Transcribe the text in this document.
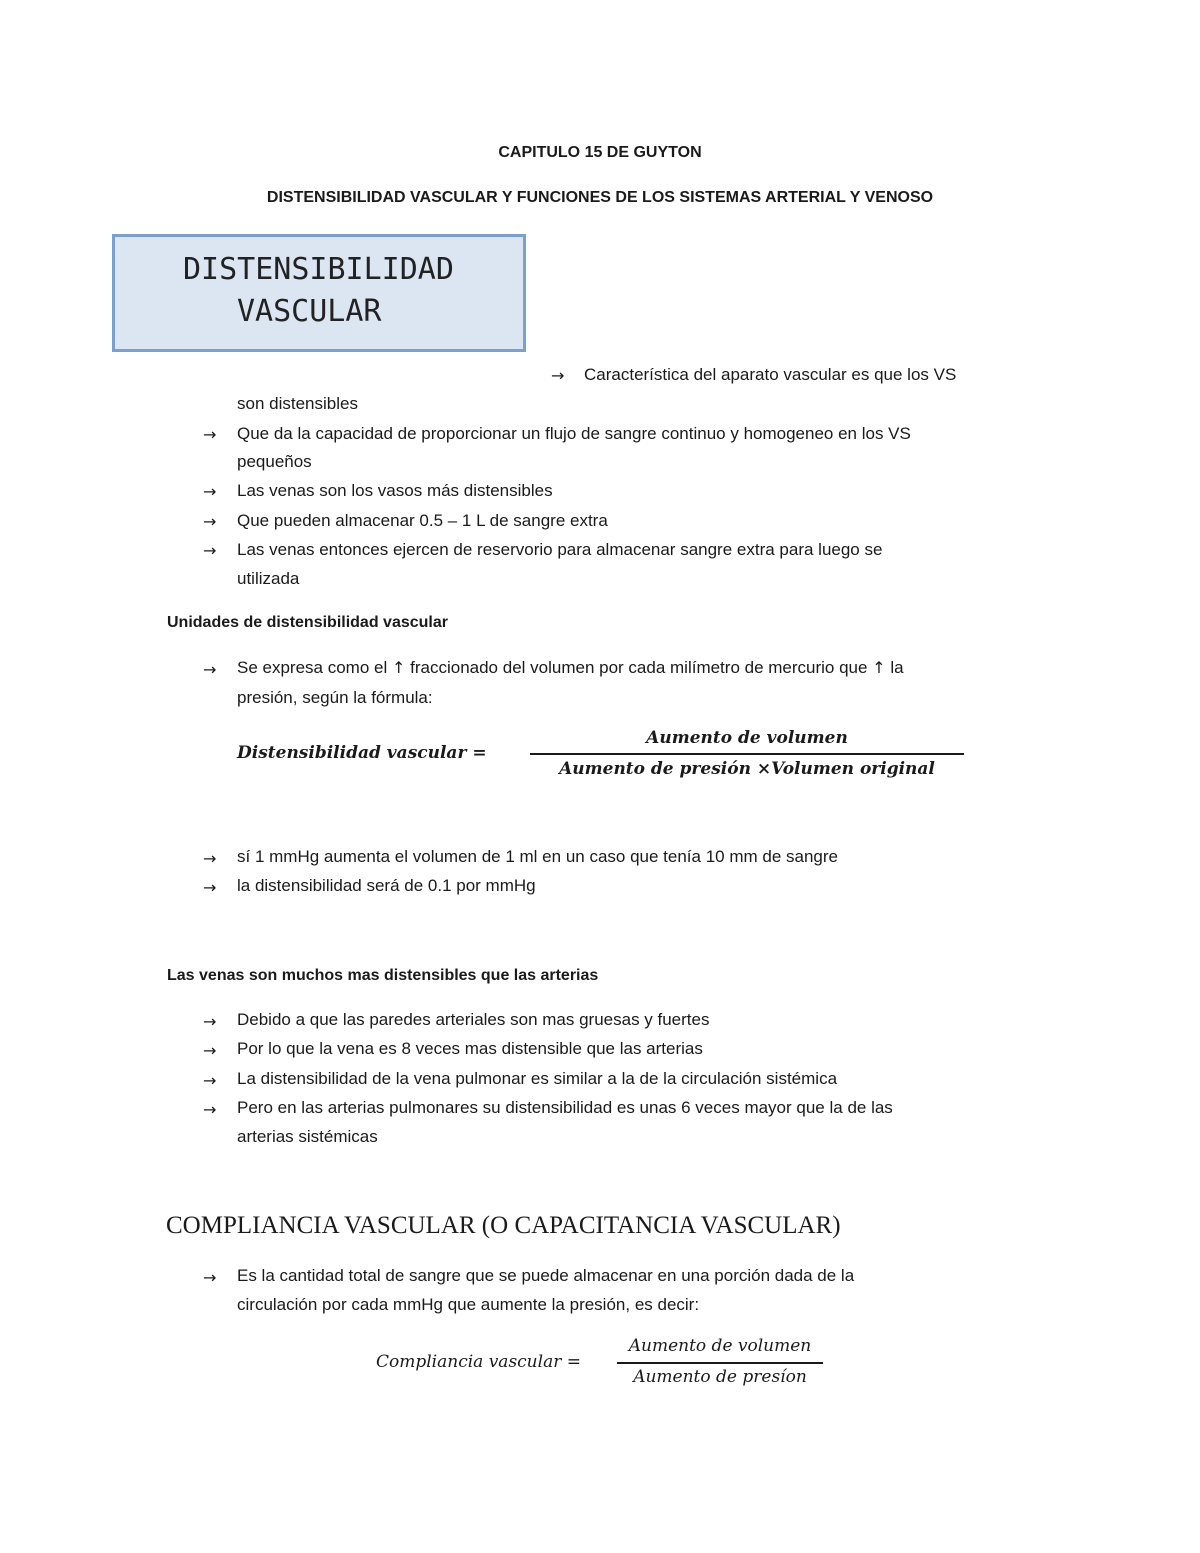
CAPITULO 15 DE GUYTON
DISTENSIBILIDAD VASCULAR Y FUNCIONES DE LOS SISTEMAS ARTERIAL Y VENOSO
DISTENSIBILIDAD
VASCULAR
→ Característica del aparato vascular es que los VS
son distensibles
→ Que da la capacidad de proporcionar un flujo de sangre continuo y homogeneo en los VS
pequeños
→ Las venas son los vasos más distensibles
→ Que pueden almacenar 0.5 – 1 L de sangre extra
→ Las venas entonces ejercen de reservorio para almacenar sangre extra para luego se
utilizada
Unidades de distensibilidad vascular
→ Se expresa como el ↑ fraccionado del volumen por cada milímetro de mercurio que ↑ la
presión, según la fórmula:
Distensibilidad vascular =
Aumento de volumen
Aumento de presión ×Volumen original
→ sí 1 mmHg aumenta el volumen de 1 ml en un caso que tenía 10 mm de sangre
→ la distensibilidad será de 0.1 por mmHg
Las venas son muchos mas distensibles que las arterias
→ Debido a que las paredes arteriales son mas gruesas y fuertes
→ Por lo que la vena es 8 veces mas distensible que las arterias
→ La distensibilidad de la vena pulmonar es similar a la de la circulación sistémica
→ Pero en las arterias pulmonares su distensibilidad es unas 6 veces mayor que la de las
arterias sistémicas
COMPLIANCIA VASCULAR (O CAPACITANCIA VASCULAR)
→ Es la cantidad total de sangre que se puede almacenar en una porción dada de la
circulación por cada mmHg que aumente la presión, es decir:
Compliancia vascular =
Aumento de volumen
Aumento de presíon
